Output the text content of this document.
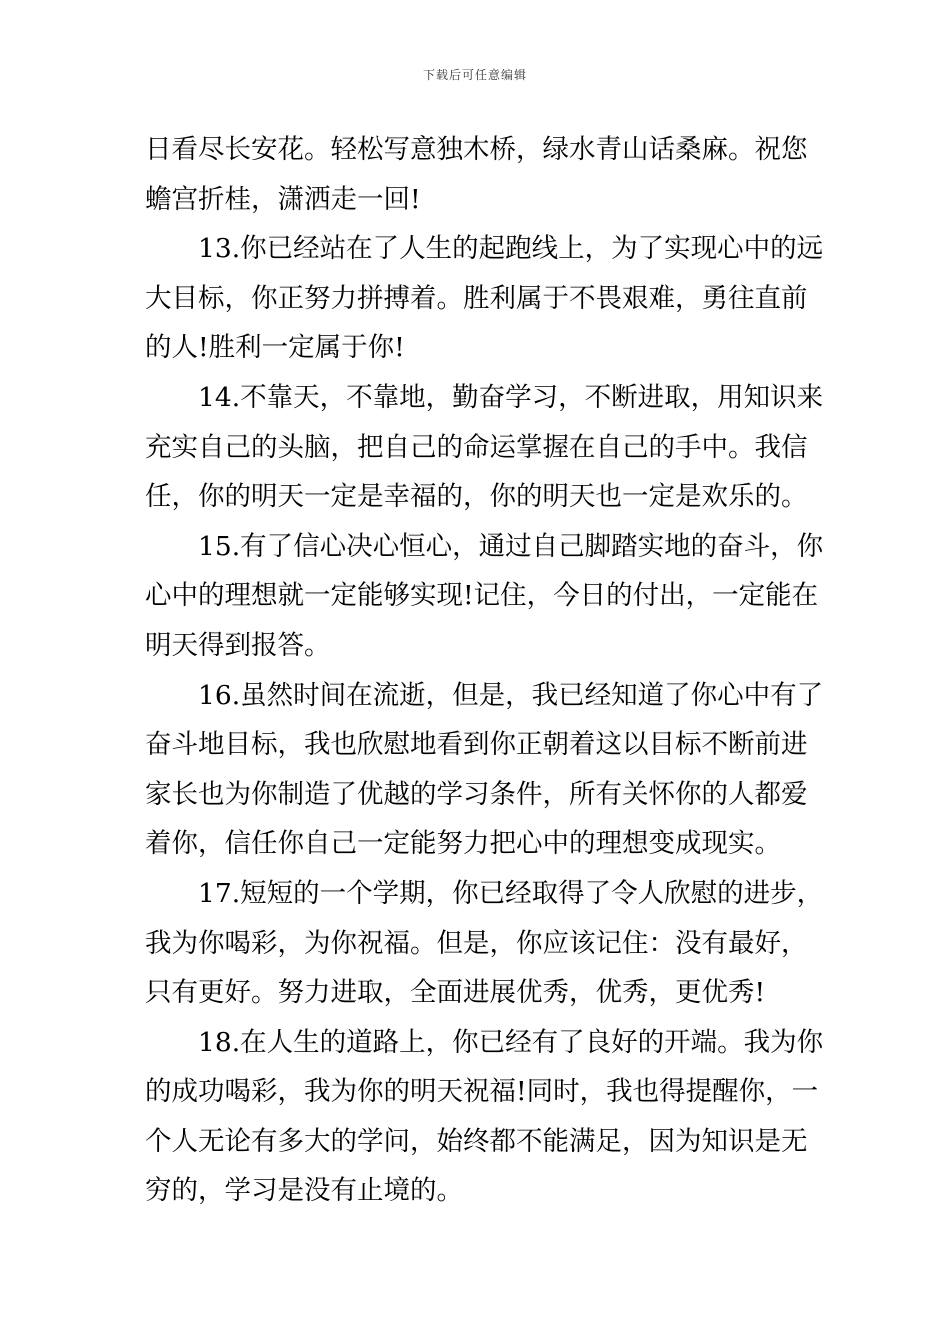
下载后可任意编辑
日看尽长安花。轻松写意独木桥，绿水青山话桑麻。祝您
蟾宫折桂，潇洒走一回!
13.你已经站在了人生的起跑线上，为了实现心中的远
大目标，你正努力拼搏着。胜利属于不畏艰难，勇往直前
的人!胜利一定属于你!
14.不靠天，不靠地，勤奋学习，不断进取，用知识来
充实自己的头脑，把自己的命运掌握在自己的手中。我信
任，你的明天一定是幸福的，你的明天也一定是欢乐的。
15.有了信心决心恒心，通过自己脚踏实地的奋斗，你
心中的理想就一定能够实现!记住，今日的付出，一定能在
明天得到报答。
16.虽然时间在流逝，但是，我已经知道了你心中有了
奋斗地目标，我也欣慰地看到你正朝着这以目标不断前进
家长也为你制造了优越的学习条件，所有关怀你的人都爱
着你，信任你自己一定能努力把心中的理想变成现实。
17.短短的一个学期，你已经取得了令人欣慰的进步，
我为你喝彩，为你祝福。但是，你应该记住：没有最好，
只有更好。努力进取，全面进展优秀，优秀，更优秀!
18.在人生的道路上，你已经有了良好的开端。我为你
的成功喝彩，我为你的明天祝福!同时，我也得提醒你，一
个人无论有多大的学问，始终都不能满足，因为知识是无
穷的，学习是没有止境的。
